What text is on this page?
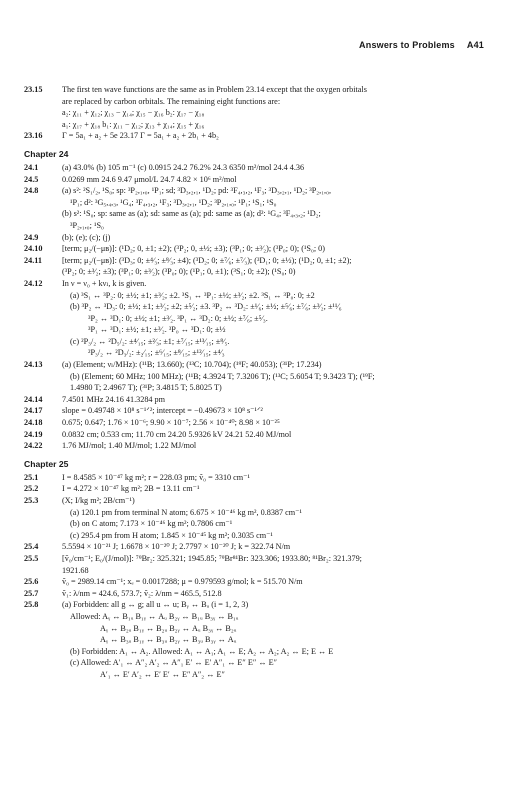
Answers to Problems A41
23.15	The first ten wave functions are the same as in Problem 23.14 except that the oxygen orbitals
are replaced by carbon orbitals. The remaining eight functions are:
a₂: χ₁₁ + χ₁₂; χ₁₃ − χ₁₄; χ₁₅ − χ₁₆ b₂: χ₁₇ − χ₁₈
a₁: χ₁₇ + χ₁₈ b₁: χ₁₁ − χ₁₂; χ₁₃ + χ₁₄; χ₁₅ + χ₁₆
23.16	Γ = 5a₁ + a₂ + 5e 23.17 Γ = 5a₁ + a₂ + 2b₁ + 4b₂
Chapter 24
24.1	(a) 43.0% (b) 105 m⁻¹ (c) 0.0915 24.2 76.2% 24.3 6350 m²/mol 24.4 4.36
24.5	0.0269 mm 24.6 9.47 μmol/L 24.7 4.82 × 10⁶ m²/mol
24.8	(a) s²: ²S₁/₂, ¹S₀; sp: ³P₂,₁,₀, ¹P₁; sd; ³D₃,₂,₁, ¹D₂; pd: ³F₄,₃,₂, ¹F₃; ³D₃,₂,₁, ¹D₂; ³P₂,₁,₀,
¹P₁; d²: ³G₅,₄,₃, ¹G₄; ³F₄,₃,₂, ¹F₃; ³D₃,₂,₁, ¹D₂; ³P₂,₁,₀; ¹P₁; ¹S₁; ¹S₀
(b) s²: ¹S₀; sp: same as (a); sd: same as (a); pd: same as (a); d²: ¹G₄; ³F₄,₃,₂; ¹D₂;
³P₂,₁,₀; ¹S₀
24.9	(b); (e); (c); (j)
24.10	[term; μ₂/(−μʙ)]: (¹D₂; 0, ±1; ±2); (³P₂; 0, ±½; ±3); (³P₁; 0; ±³⁄₂); (³P₀; 0); (¹S₀; 0)
24.11	[term; μ₂/(−μʙ)]: (³D₃; 0; ±⁴⁄₃; ±⁸⁄₃; ±4); (³D₂; 0; ±⁷⁄₆; ±⁷⁄₃); (³D₁; 0; ±½); (¹D₂; 0, ±1; ±2);
(³P₂; 0; ±³⁄₂; ±3); (³P₁; 0; ±³⁄₂); (³P₀; 0); (¹P₁; 0, ±1); (³S₁; 0; ±2); (¹S₀; 0)
24.12	In ν = ν₀ + kνₗ, k is given.
(a) ³S₁ ↔ ³P₂: 0; ±½; ±1; ±³⁄₂; ±2. ³S₁ ↔ ³P₁: ±½; ±³⁄₂; ±2. ³S₁ ↔ ³P₀: 0; ±2
(b) ³P₂ ↔ ³D₃: 0; ±½; ±1; ±³⁄₂; ±2; ±⁵⁄₂; ±3. ³P₂ ↔ ³D₂: ±¹⁄₆; ±½; ±⁵⁄₆; ±⁷⁄₆; ±³⁄₂; ±¹¹⁄₆
³P₂ ↔ ³D₁: 0; ±½; ±1; ±³⁄₂. ³P₁ ↔ ³D₂: 0; ±½; ±⁷⁄₆; ±⁵⁄₃.
³P₁ ↔ ³D₁: ±½; ±1; ±³⁄₂. ³P₀ ↔ ³D₁: 0; ±½
(c) ²P₃/₂ ↔ ²D₅/₂: ±⁴⁄₁₅; ±²⁄₃; ±1; ±⁷⁄₁₅; ±¹³⁄₁₅; ±⁸⁄₅.
²P₃/₂ ↔ ²D₃/₂: ±₂⁄₁₅; ±⁶⁄₁₅; ±⁸⁄₁₅; ±¹²⁄₁₅; ±⁴⁄₃
24.13	(a) (Element; νₗ/MHz): (¹¹B; 13.660); (¹³C; 10.704); (¹⁹F; 40.053); (³¹P; 17.234)
(b) (Element; 60 MHz; 100 MHz); (¹¹B; 4.3924 T; 7.3206 T); (¹³C; 5.6054 T; 9.3423 T); (¹⁹F;
1.4980 T; 2.4967 T); (³¹P; 3.4815 T; 5.8025 T)
24.14	7.4501 MHz 24.16 41.3284 pm
24.17	slope = 0.49748 × 10⁸ s⁻¹ᐟ²; intercept = −0.49673 × 10⁸ s⁻¹ᐟ²
24.18	0.675; 0.647; 1.76 × 10⁻⁶; 9.90 × 10⁻⁷; 2.56 × 10⁻⁴⁰; 8.98 × 10⁻²⁵
24.19	0.0832 cm; 0.533 cm; 11.70 cm 24.20 5.9326 kV 24.21 52.40 MJ/mol
24.22	1.76 MJ/mol; 1.40 MJ/mol; 1.22 MJ/mol
Chapter 25
25.1	I = 8.4585 × 10⁻⁴⁷ kg m²; r = 228.03 pm; ṽ₀ = 3310 cm⁻¹
25.2	I = 4.272 × 10⁻⁴⁷ kg m²; 2B = 13.11 cm⁻¹
25.3	(X; I/kg m²; 2B/cm⁻¹)
(a) 120.1 pm from terminal N atom; 6.675 × 10⁻⁴⁶ kg m², 0.8387 cm⁻¹
(b) on C atom; 7.173 × 10⁻⁴⁶ kg m²; 0.7806 cm⁻¹
(c) 295.4 pm from H atom; 1.845 × 10⁻⁴⁵ kg m²; 0.3035 cm⁻¹
25.4	5.5594 × 10⁻²¹ J; 1.6678 × 10⁻²⁰ J; 2.7797 × 10⁻²⁰ J; k = 322.74 N/m
25.5	[ṽ₀/cm⁻¹; E₀/(J/mol)]: ⁷⁹Br₂: 325.321; 1945.85; ⁷⁹Br⁸¹Br: 323.306; 1933.80; ⁸¹Br₂: 321.379;
1921.68
25.6	ṽ₀ = 2989.14 cm⁻¹; xₑ = 0.0017288; μ = 0.979593 g/mol; k = 515.70 N/m
25.7	ṽ₁: λ/nm = 424.6, 573.7; ṽ₂: λ/nm = 465.5, 512.8
25.8	(a) Forbidden: all g ↔ g; all u ↔ u; Bᵧ ↔ Bᵤ (i = 1, 2, 3)
Allowed: Aᵧ ↔ B₁ᵤ B₁ᵧ ↔ Aᵤ B₂ᵧ ↔ B₁ᵤ B₃ᵧ ↔ B₁ᵤ
Aᵧ ↔ B₂ᵤ B₁ᵧ ↔ B₂ᵤ B₂ᵧ ↔ Aᵤ B₃ᵧ ↔ B₂ᵤ
Aᵧ ↔ B₃ᵤ B₁ᵧ ↔ B₃ᵤ B₂ᵧ ↔ B₃ᵤ B₃ᵧ ↔ Aᵤ
(b) Forbidden: A₁ ↔ A₂. Allowed: A₁ ↔ A₁; A₁ ↔ E; A₂ ↔ A₂; A₂ ↔ E; E ↔ E
(c) Allowed: A′₁ ↔ A″₂ A′₂ ↔ A″₁ E′ ↔ E′ A″₁ ↔ E″ E″ ↔ E″
A′₁ ↔ E′ A′₂ ↔ E′ E′ ↔ E″ A″₂ ↔ E″
